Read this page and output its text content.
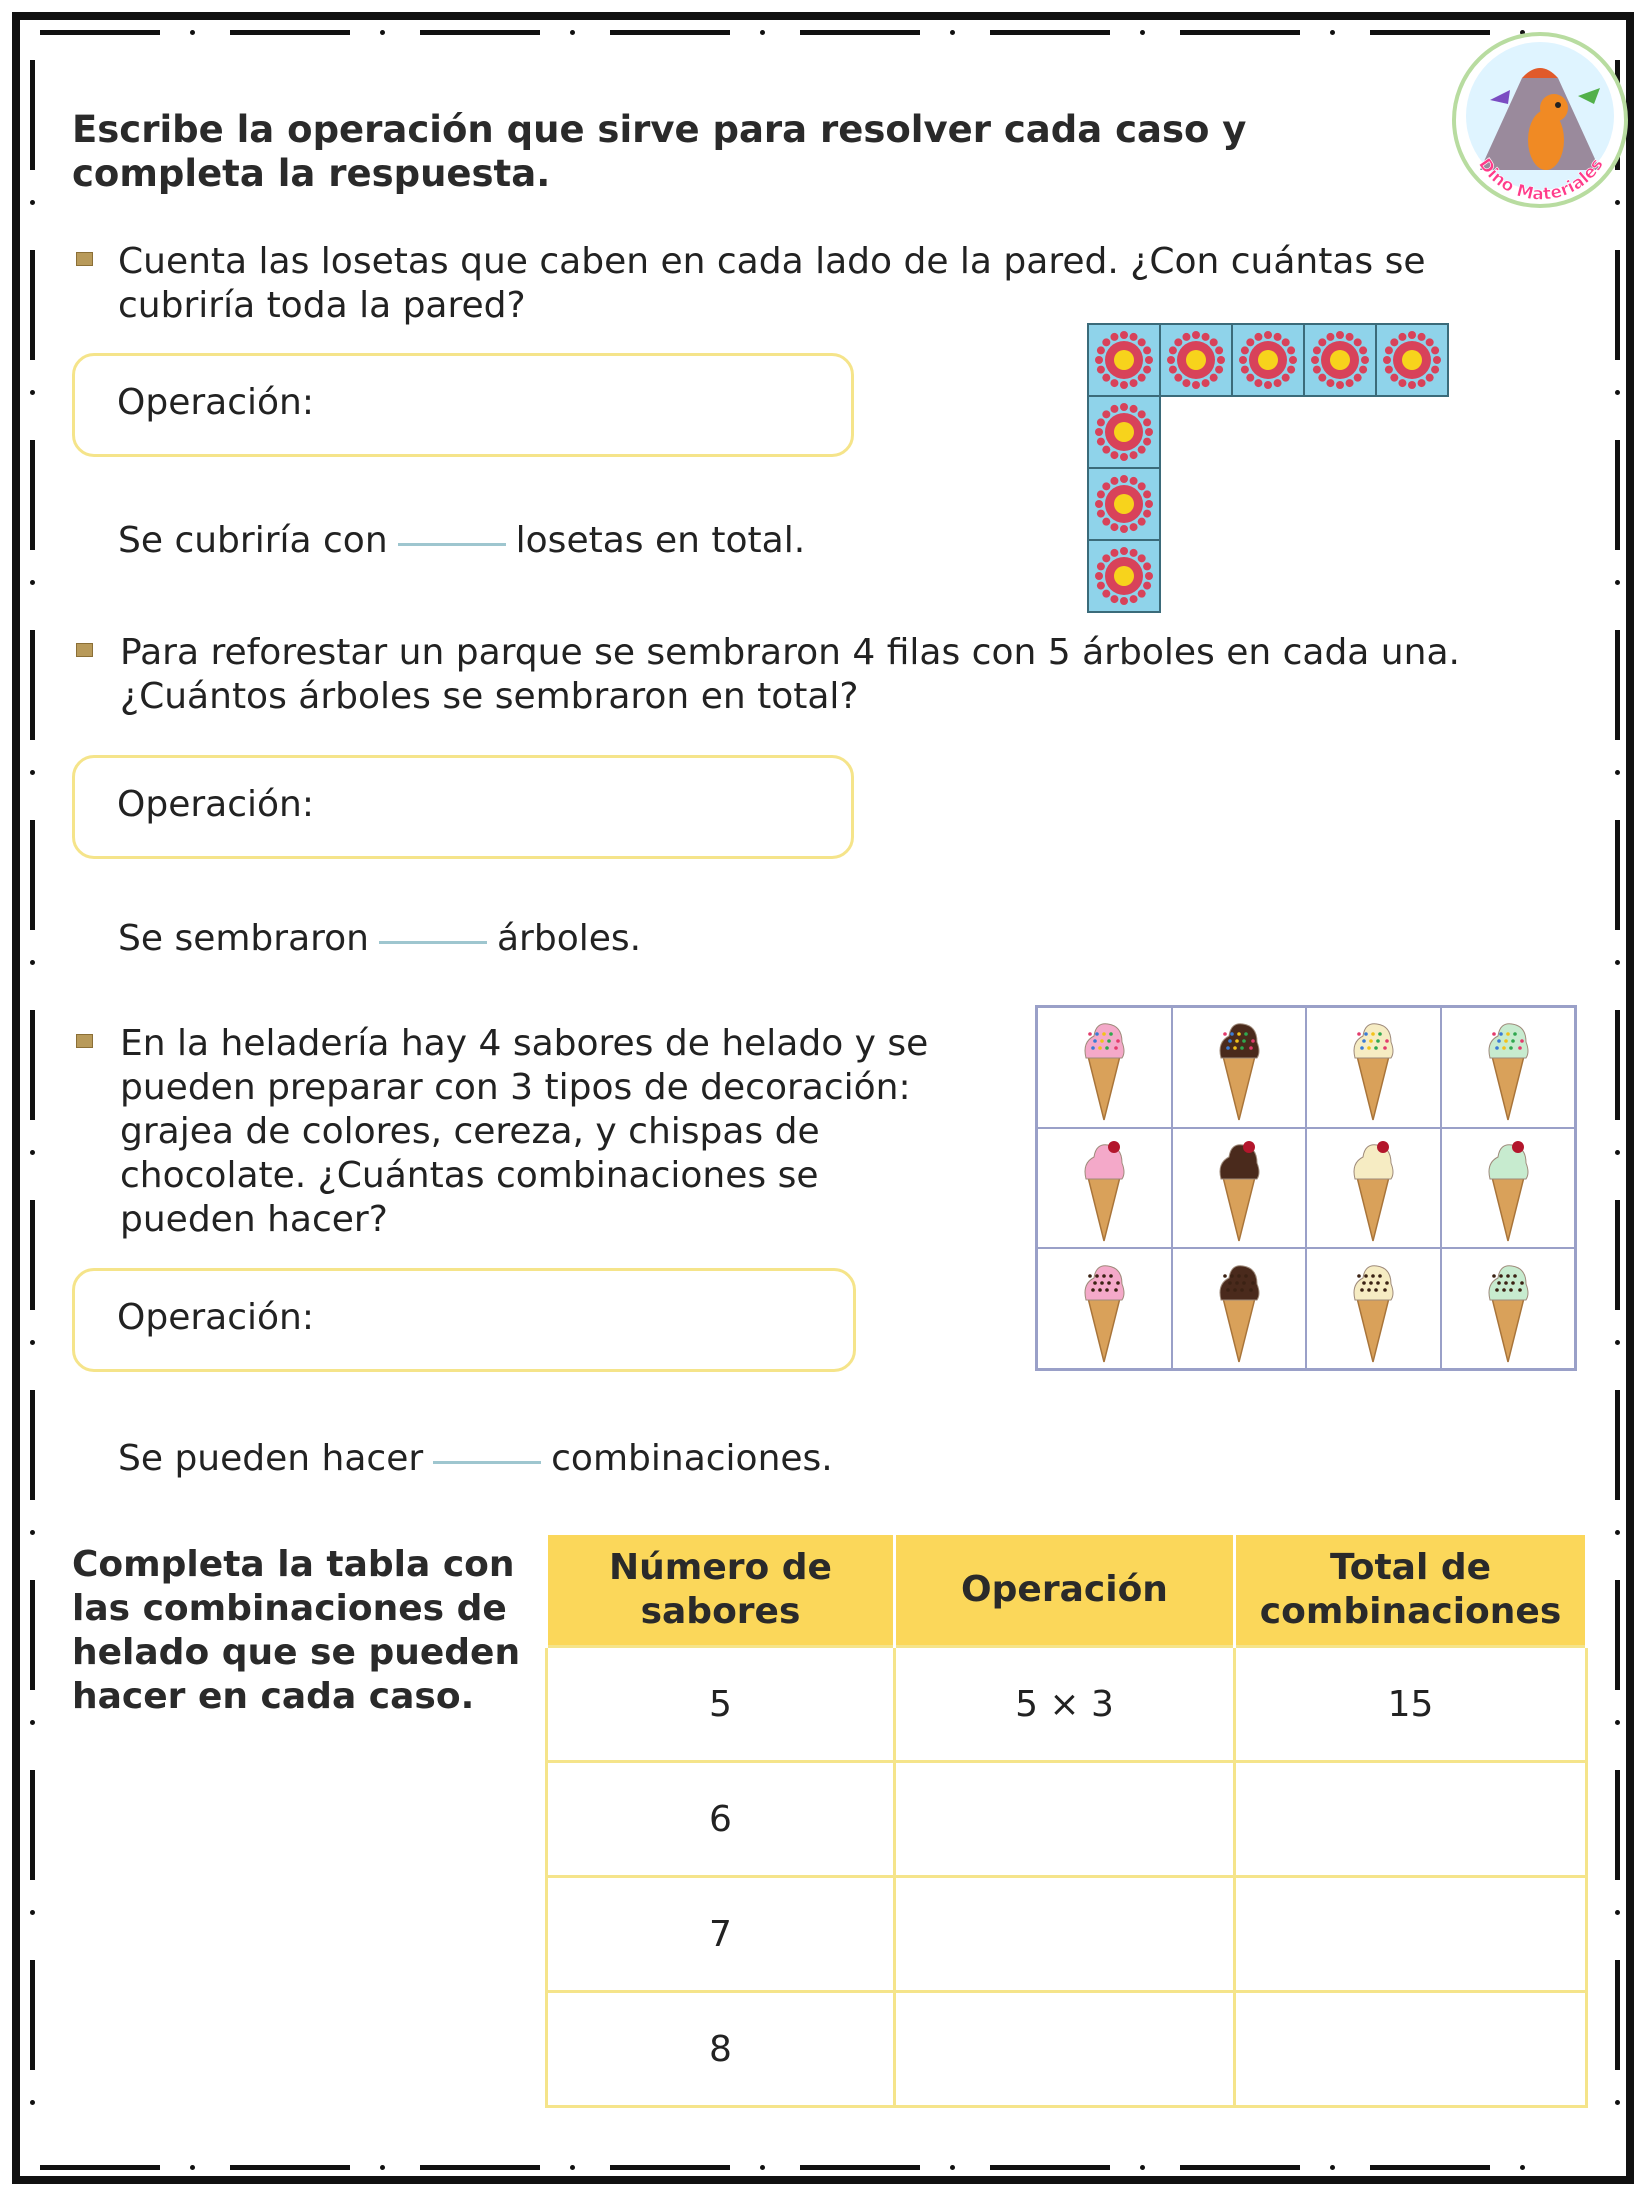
Dino Materiales
Escribe la operación que sirve para resolver cada caso y completa la respuesta.
Cuenta las losetas que caben en cada lado de la pared. ¿Con cuántas se cubriría toda la pared?
Operación:
Se cubriría con	losetas en total.
Para reforestar un parque se sembraron 4 filas con 5 árboles en cada una. ¿Cuántos árboles se sembraron en total?
Operación:
Se sembraron	árboles.
En la heladería hay 4 sabores de helado y se pueden preparar con 3 tipos de decoración: grajea de colores, cereza, y chispas de chocolate. ¿Cuántas combinaciones se pueden hacer?
Operación:
Se pueden hacer	combinaciones.
Completa la tabla con las combinaciones de helado que se pueden hacer en cada caso.
Número de sabores	Operación	Total de combinaciones
5	5 × 3	15
6		
7		
8		
